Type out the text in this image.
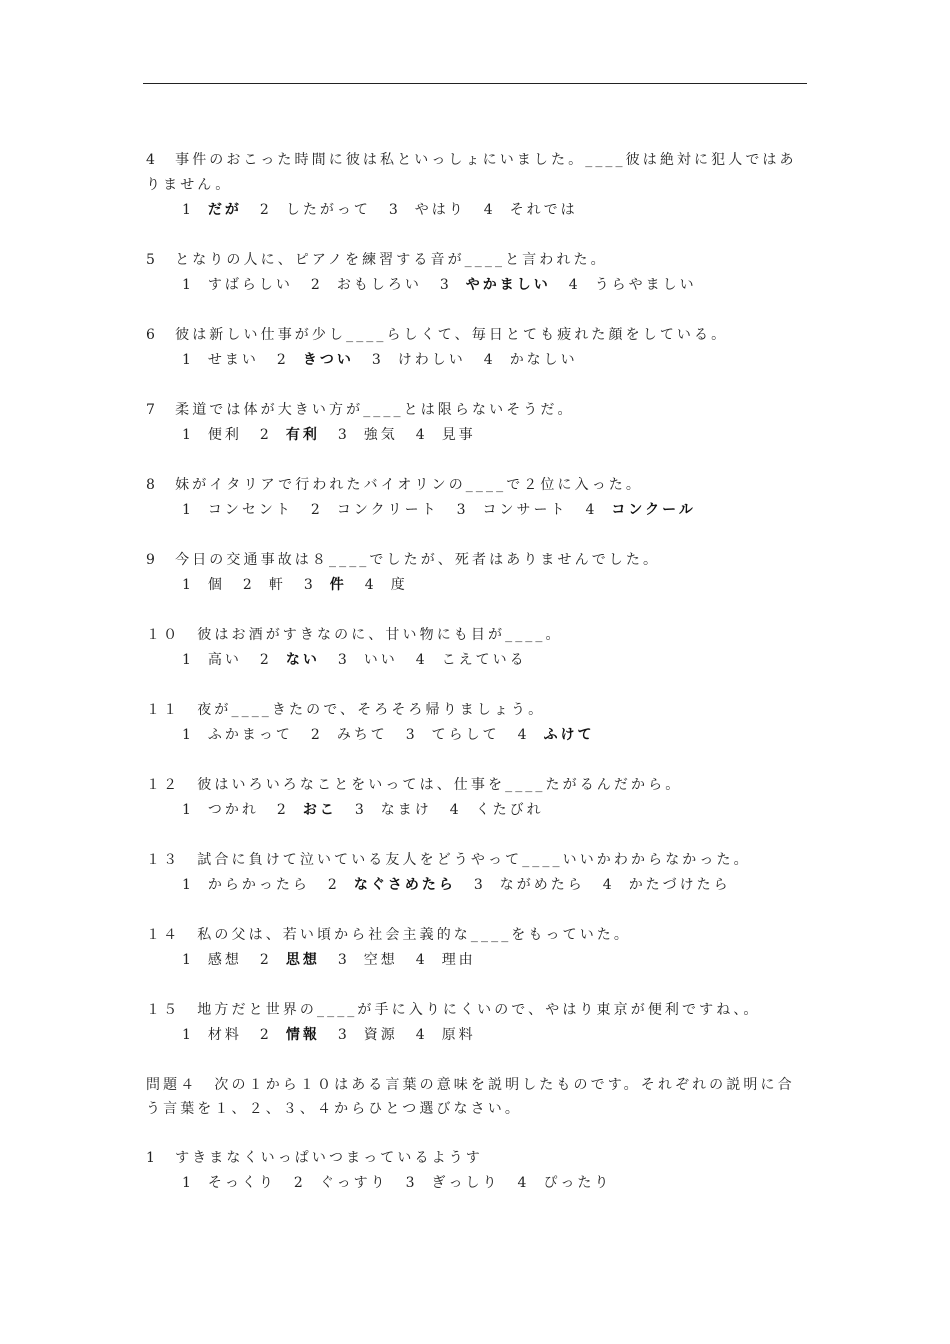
4　事件のおこった時間に彼は私といっしょにいました。____彼は絶対に犯人ではありません。
1 だが 2 したがって 3 やはり 4 それでは
5　となりの人に、ピアノを練習する音が____と言われた。
1 すばらしい 2 おもしろい 3 やかましい 4 うらやましい
6　彼は新しい仕事が少し____らしくて、毎日とても疲れた顔をしている。
1 せまい 2 きつい 3 けわしい 4 かなしい
7　柔道では体が大きい方が____とは限らないそうだ。
1 便利 2 有利 3 強気 4 見事
8　妹がイタリアで行われたバイオリンの____で２位に入った。
1 コンセント 2 コンクリート 3 コンサート 4 コンクール
9　今日の交通事故は８____でしたが、死者はありませんでした。
1 個 2 軒 3 件 4 度
１０　彼はお酒がすきなのに、甘い物にも目が____。
1 高い 2 ない 3 いい 4 こえている
１１　夜が____きたので、そろそろ帰りましょう。
1 ふかまって 2 みちて 3 てらして 4 ふけて
１２　彼はいろいろなことをいっては、仕事を____たがるんだから。
1 つかれ 2 おこ 3 なまけ 4 くたびれ
１３　試合に負けて泣いている友人をどうやって____いいかわからなかった。
1 からかったら 2 なぐさめたら 3 ながめたら 4 かたづけたら
１４　私の父は、若い頃から社会主義的な____をもっていた。
1 感想 2 思想 3 空想 4 理由
１５　地方だと世界の____が手に入りにくいので、やはり東京が便利ですね、。
1 材料 2 情報 3 資源 4 原料
問題４　次の１から１０はある言葉の意味を説明したものです。それぞれの説明に合う言葉を１、２、３、４からひとつ選びなさい。
1　すきまなくいっぱいつまっているようす
1 そっくり 2 ぐっすり 3 ぎっしり 4 ぴったり
